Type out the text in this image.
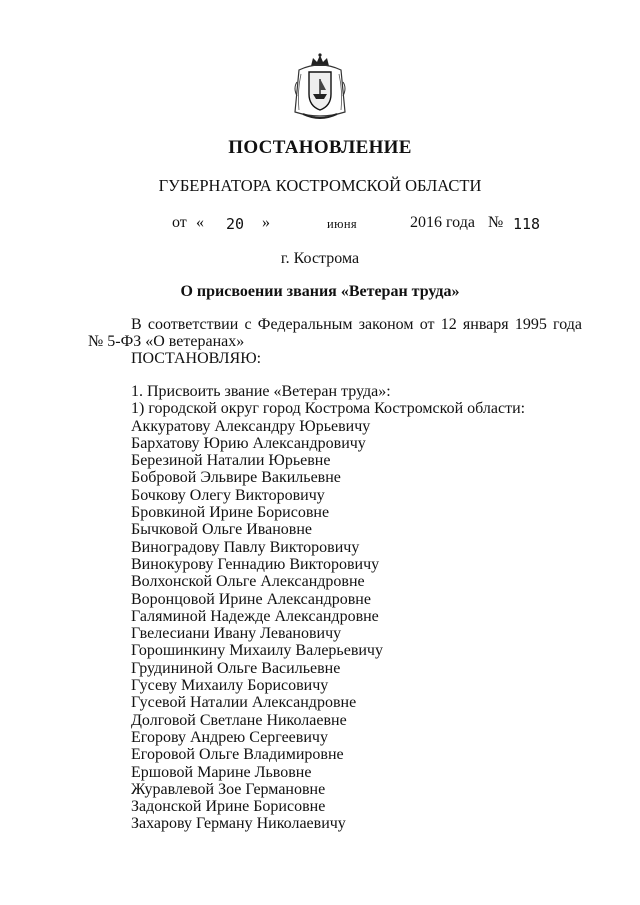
ПОСТАНОВЛЕНИЕ
ГУБЕРНАТОРА КОСТРОМСКОЙ ОБЛАСТИ
от « 20 »	июня	2016 года № 118
г. Кострома
О присвоении звания «Ветеран труда»
В соответствии с Федеральным законом от 12 января 1995 года
№ 5-ФЗ «О ветеранах»
ПОСТАНОВЛЯЮ:
1. Присвоить звание «Ветеран труда»:
1) городской округ город Кострома Костромской области:
Аккуратову Александру Юрьевичу
Бархатову Юрию Александровичу
Березиной Наталии Юрьевне
Бобровой Эльвире Вакильевне
Бочкову Олегу Викторовичу
Бровкиной Ирине Борисовне
Бычковой Ольге Ивановне
Виноградову Павлу Викторовичу
Винокурову Геннадию Викторовичу
Волхонской Ольге Александровне
Воронцовой Ирине Александровне
Галяминой Надежде Александровне
Гвелесиани Ивану Левановичу
Горошинкину Михаилу Валерьевичу
Грудининой Ольге Васильевне
Гусеву Михаилу Борисовичу
Гусевой Наталии Александровне
Долговой Светлане Николаевне
Егорову Андрею Сергеевичу
Егоровой Ольге Владимировне
Ершовой Марине Львовне
Журавлевой Зое Германовне
Задонской Ирине Борисовне
Захарову Герману Николаевичу
